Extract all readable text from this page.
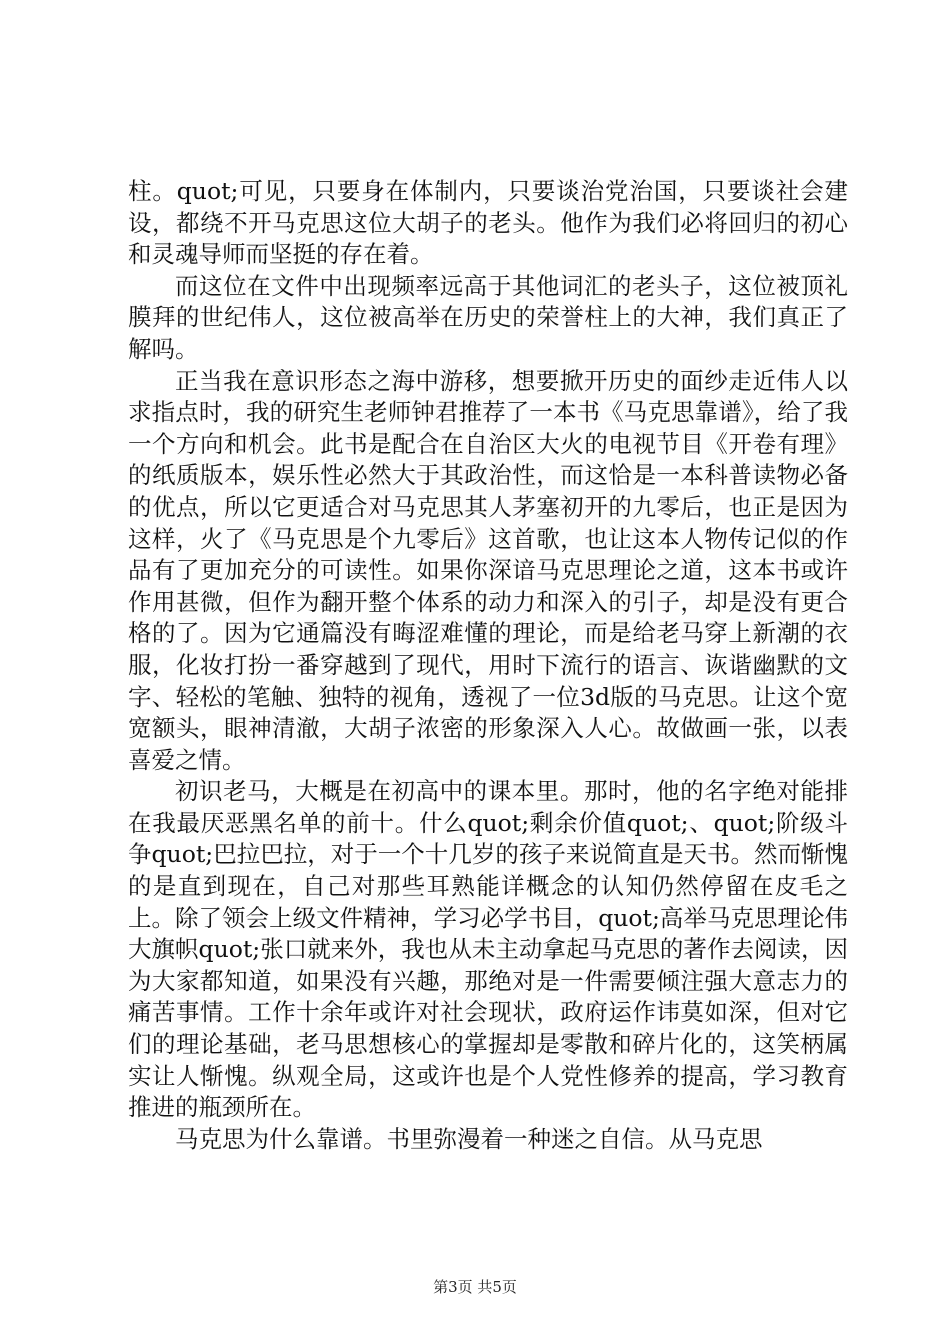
柱。quot;可见，只要身在体制内，只要谈治党治国，只要谈社会建设，都绕不开马克思这位大胡子的老头。他作为我们必将回归的初心和灵魂导师而坚挺的存在着。

而这位在文件中出现频率远高于其他词汇的老头子，这位被顶礼膜拜的世纪伟人，这位被高举在历史的荣誉柱上的大神，我们真正了解吗。

正当我在意识形态之海中游移，想要掀开历史的面纱走近伟人以求指点时，我的研究生老师钟君推荐了一本书《马克思靠谱》，给了我一个方向和机会。此书是配合在自治区大火的电视节目《开卷有理》的纸质版本，娱乐性必然大于其政治性，而这恰是一本科普读物必备的优点，所以它更适合对马克思其人茅塞初开的九零后，也正是因为这样，火了《马克思是个九零后》这首歌，也让这本人物传记似的作品有了更加充分的可读性。如果你深谙马克思理论之道，这本书或许作用甚微，但作为翻开整个体系的动力和深入的引子，却是没有更合格的了。因为它通篇没有晦涩难懂的理论，而是给老马穿上新潮的衣服，化妆打扮一番穿越到了现代，用时下流行的语言、诙谐幽默的文字、轻松的笔触、独特的视角，透视了一位3d版的马克思。让这个宽宽额头，眼神清澈，大胡子浓密的形象深入人心。故做画一张，以表喜爱之情。

初识老马，大概是在初高中的课本里。那时，他的名字绝对能排在我最厌恶黑名单的前十。什么quot;剩余价值quot;、quot;阶级斗争quot;巴拉巴拉，对于一个十几岁的孩子来说简直是天书。然而惭愧的是直到现在，自己对那些耳熟能详概念的认知仍然停留在皮毛之上。除了领会上级文件精神，学习必学书目，quot;高举马克思理论伟大旗帜quot;张口就来外，我也从未主动拿起马克思的著作去阅读，因为大家都知道，如果没有兴趣，那绝对是一件需要倾注强大意志力的痛苦事情。工作十余年或许对社会现状，政府运作讳莫如深，但对它们的理论基础，老马思想核心的掌握却是零散和碎片化的，这笑柄属实让人惭愧。纵观全局，这或许也是个人党性修养的提高，学习教育推进的瓶颈所在。

马克思为什么靠谱。书里弥漫着一种迷之自信。从马克思

第3页 共5页
